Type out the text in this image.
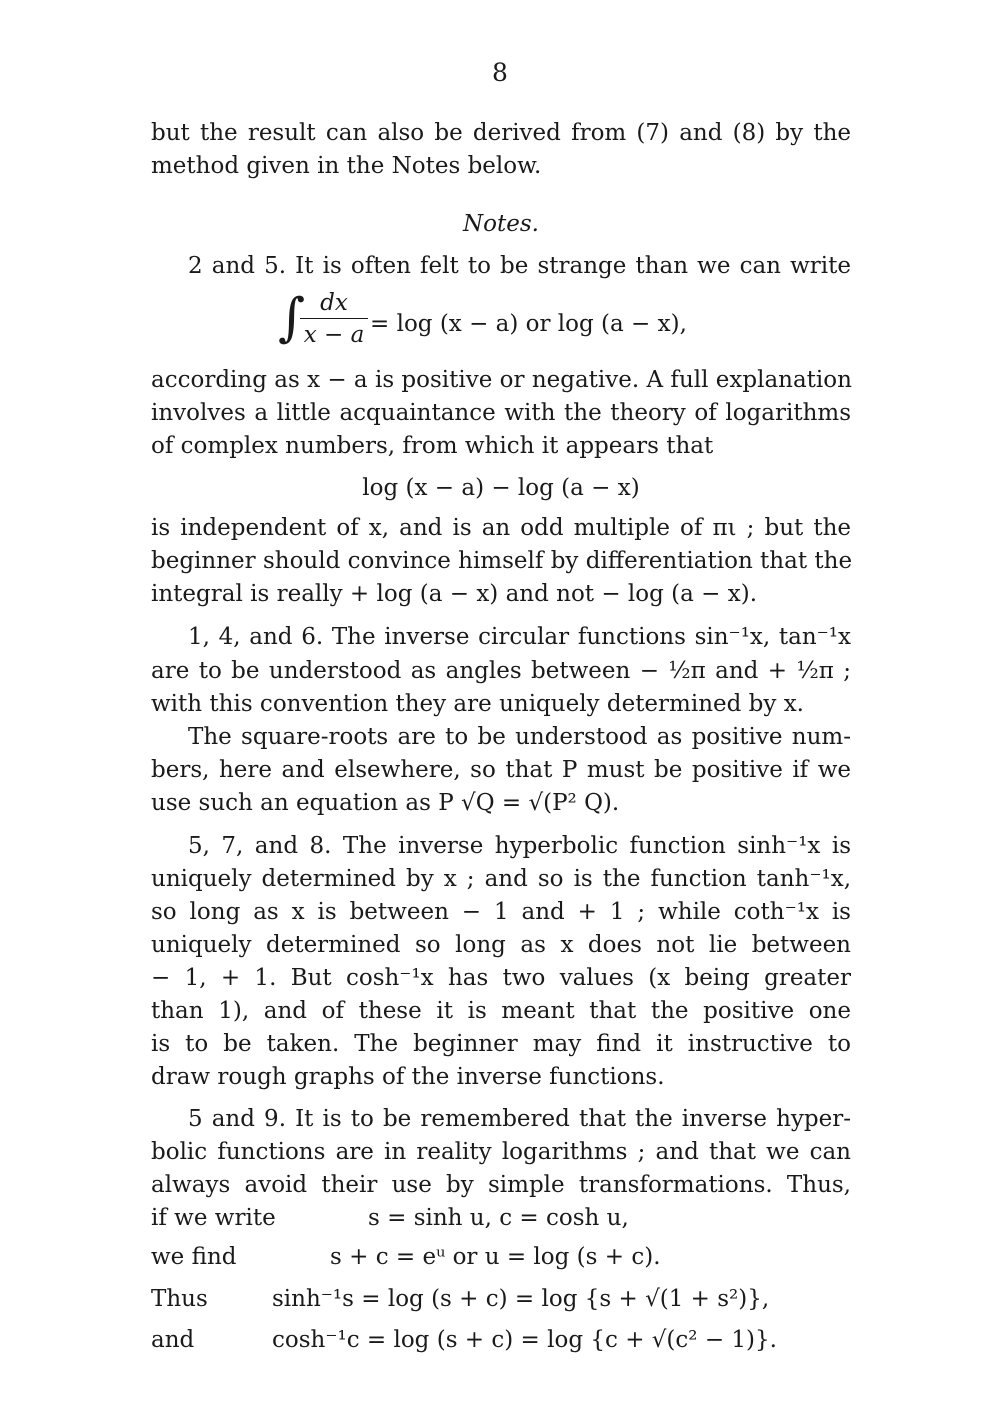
8
but the result can also be derived from (7) and (8) by the
method given in the Notes below.
Notes.
2 and 5. It is often felt to be strange than we can write
∫
$\frac{dx}{x - a} = \log (x - a)$ or log (a − x),
according as x − a is positive or negative. A full explanation
involves a little acquaintance with the theory of logarithms
of complex numbers, from which it appears that
log (x − a) − log (a − x)
is independent of x, and is an odd multiple of πι ; but the
beginner should convince himself by differentiation that the
integral is really + log (a − x) and not − log (a − x).
1, 4, and 6. The inverse circular functions sin⁻¹x, tan⁻¹x
are to be understood as angles between − ½π and + ½π ;
with this convention they are uniquely determined by x.
The square-roots are to be understood as positive num-
bers, here and elsewhere, so that P must be positive if we
use such an equation as P √Q = √(P² Q).
5, 7, and 8. The inverse hyperbolic function sinh⁻¹x is
uniquely determined by x ; and so is the function tanh⁻¹x,
so long as x is between − 1 and + 1 ; while coth⁻¹x is
uniquely determined so long as x does not lie between
− 1, + 1. But cosh⁻¹x has two values (x being greater
than 1), and of these it is meant that the positive one
is to be taken. The beginner may find it instructive to
draw rough graphs of the inverse functions.
5 and 9. It is to be remembered that the inverse hyper-
bolic functions are in reality logarithms ; and that we can
always avoid their use by simple transformations. Thus,
if we write	s = sinh u, c = cosh u,
we find	s + c = eᵘ or u = log (s + c).
Thus	sinh⁻¹s = log (s + c) = log {s + √(1 + s²)},
and	cosh⁻¹c = log (s + c) = log {c + √(c² − 1)}.
